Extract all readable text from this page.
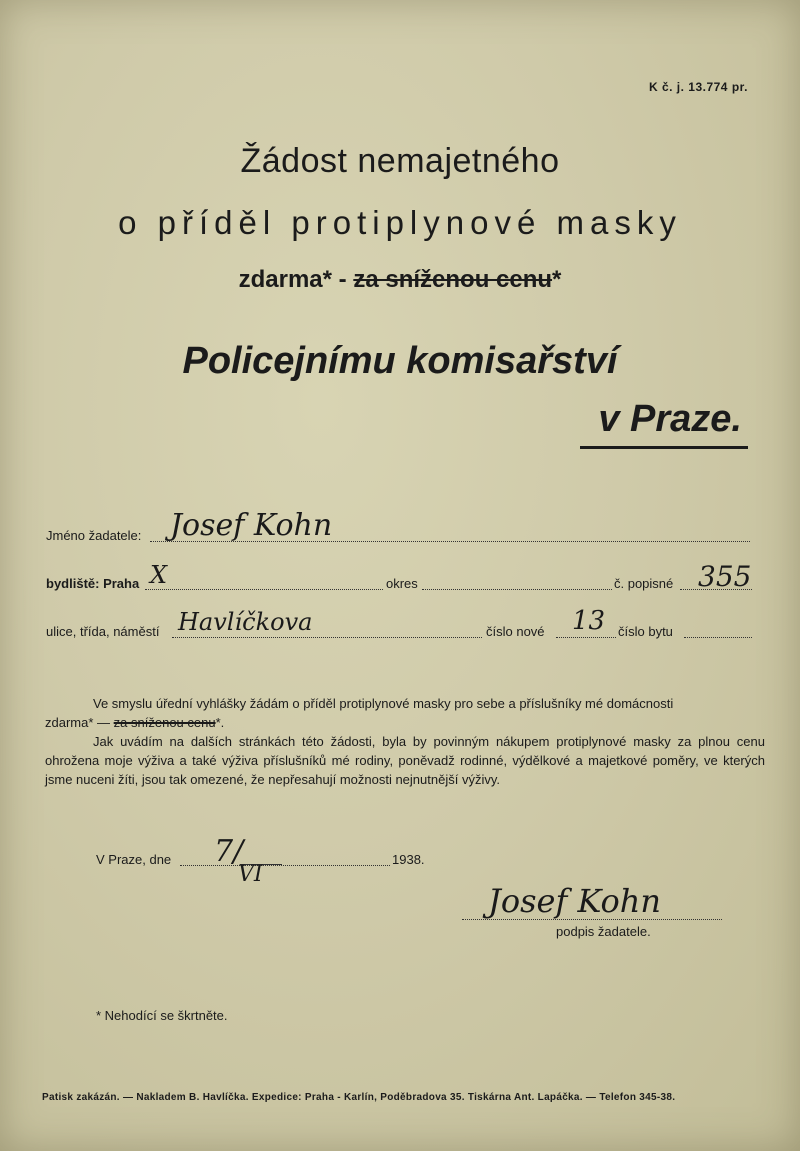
K č. j. 13.774 pr.
Žádost nemajetného
o příděl protiplynové masky
zdarma* - za sníženou cenu*
Policejnímu komisařství
v Praze.
Jméno žadatele: Josef Kohn
bydliště: Praha X	okres	č. popisné 355
ulice, třída, náměstí Havlíčkova	číslo nové 13 číslo bytu
Ve smyslu úřední vyhlášky žádám o příděl protiplynové masky pro sebe a příslušníky mé domácnosti
zdarma* — za sníženou cenu*.
Jak uvádím na dalších stránkách této žádosti, byla by povinným nákupem protiplynové masky za plnou cenu ohrožena moje výživa a také výživa příslušníků mé rodiny, poněvadž rodinné, výdělkové a majetkové poměry, ve kterých jsme nuceni žíti, jsou tak omezené, že nepřesahují možnosti nejnutnější výživy.
V Praze, dne 7/
VI
1938.
Josef Kohn
podpis žadatele.
* Nehodící se škrtněte.
Patisk zakázán. — Nakladem B. Havlíčka. Expedice: Praha - Karlín, Poděbradova 35. Tiskárna Ant. Lapáčka. — Telefon 345-38.
